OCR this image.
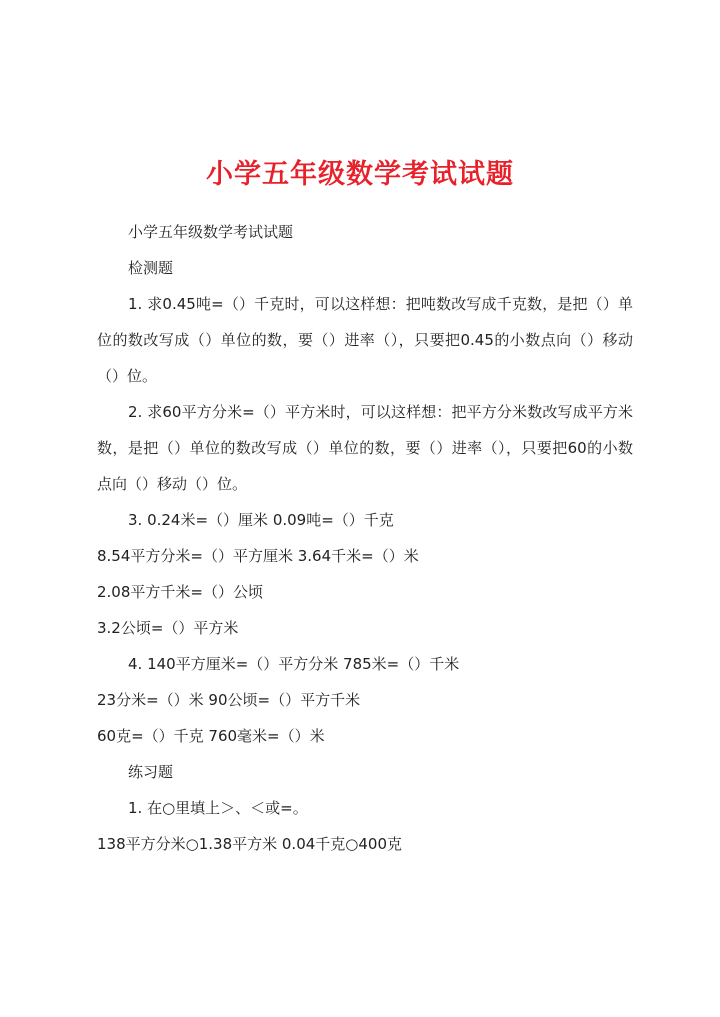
小学五年级数学考试试题

小学五年级数学考试试题

检测题

1. 求0.45吨=（）千克时，可以这样想：把吨数改写成千克数，是把（）单位的数改写成（）单位的数，要（）进率（），只要把0.45的小数点向（）移动（）位。

2. 求60平方分米=（）平方米时，可以这样想：把平方分米数改写成平方米数，是把（）单位的数改写成（）单位的数，要（）进率（），只要把60的小数点向（）移动（）位。

3. 0.24米=（）厘米 0.09吨=（）千克

8.54平方分米=（）平方厘米 3.64千米=（）米

2.08平方千米=（）公顷

3.2公顷=（）平方米

4. 140平方厘米=（）平方分米 785米=（）千米

23分米=（）米 90公顷=（）平方千米

60克=（）千克 760毫米=（）米

练习题

1. 在○里填上＞、＜或=。

138平方分米○1.38平方米 0.04千克○400克
